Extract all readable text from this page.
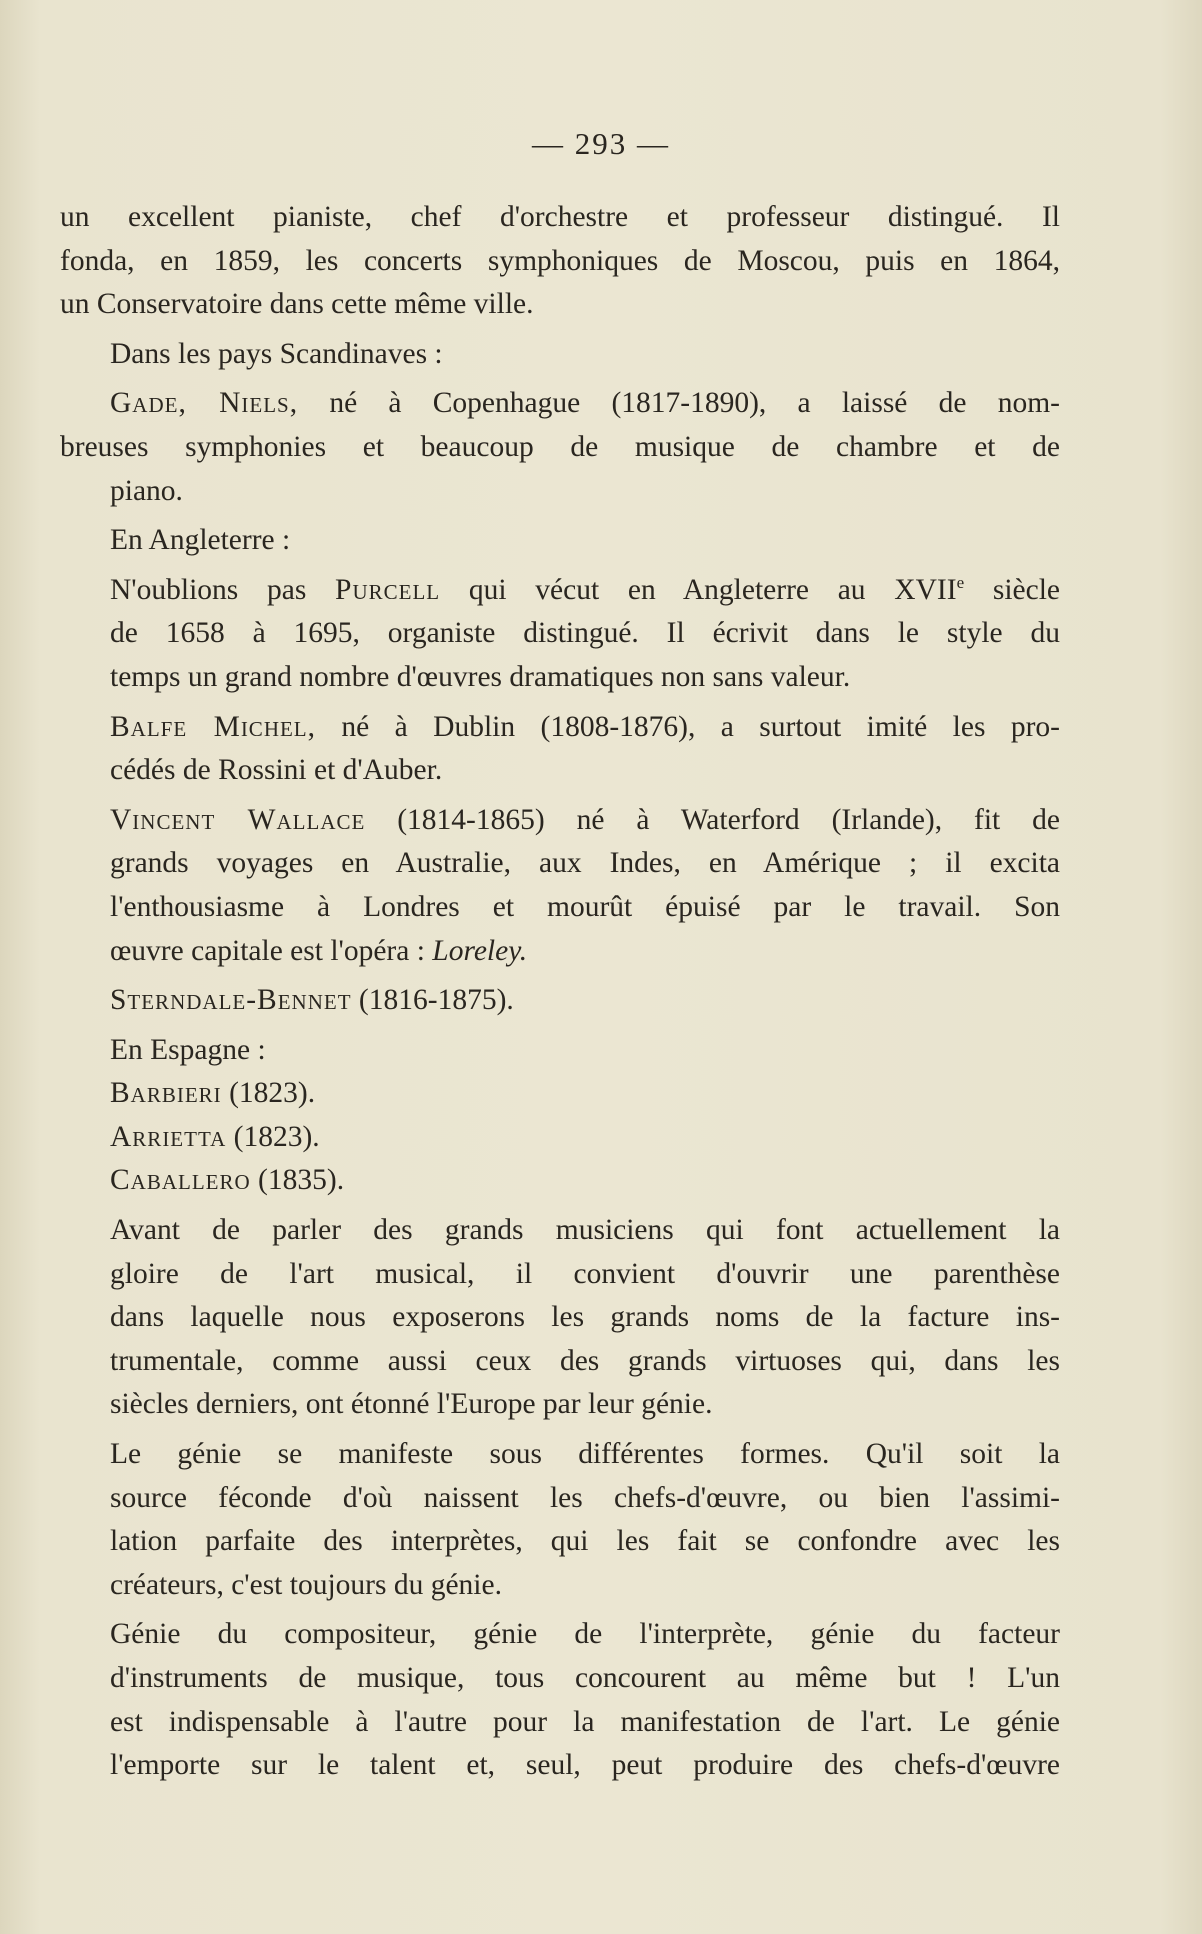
— 293 —

un excellent pianiste, chef d'orchestre et professeur distingué. Il
fonda, en 1859, les concerts symphoniques de Moscou, puis en 1864,
un Conservatoire dans cette même ville.

Dans les pays Scandinaves :

Gade, Niels, né à Copenhague (1817-1890), a laissé de nom-
breuses symphonies et beaucoup de musique de chambre et de
piano.

En Angleterre :

N'oublions pas Purcell qui vécut en Angleterre au XVIIe siècle
de 1658 à 1695, organiste distingué. Il écrivit dans le style du
temps un grand nombre d'œuvres dramatiques non sans valeur.

Balfe Michel, né à Dublin (1808-1876), a surtout imité les pro-
cédés de Rossini et d'Auber.

Vincent Wallace (1814-1865) né à Waterford (Irlande), fit de
grands voyages en Australie, aux Indes, en Amérique ; il excita
l'enthousiasme à Londres et mourût épuisé par le travail. Son
œuvre capitale est l'opéra : Loreley.

Sterndale-Bennet (1816-1875).

En Espagne :

Barbieri (1823).

Arrietta (1823).

Caballero (1835).

Avant de parler des grands musiciens qui font actuellement la
gloire de l'art musical, il convient d'ouvrir une parenthèse
dans laquelle nous exposerons les grands noms de la facture ins-
trumentale, comme aussi ceux des grands virtuoses qui, dans les
siècles derniers, ont étonné l'Europe par leur génie.

Le génie se manifeste sous différentes formes. Qu'il soit la
source féconde d'où naissent les chefs-d'œuvre, ou bien l'assimi-
lation parfaite des interprètes, qui les fait se confondre avec les
créateurs, c'est toujours du génie.

Génie du compositeur, génie de l'interprète, génie du facteur
d'instruments de musique, tous concourent au même but ! L'un
est indispensable à l'autre pour la manifestation de l'art. Le génie
l'emporte sur le talent et, seul, peut produire des chefs-d'œuvre
